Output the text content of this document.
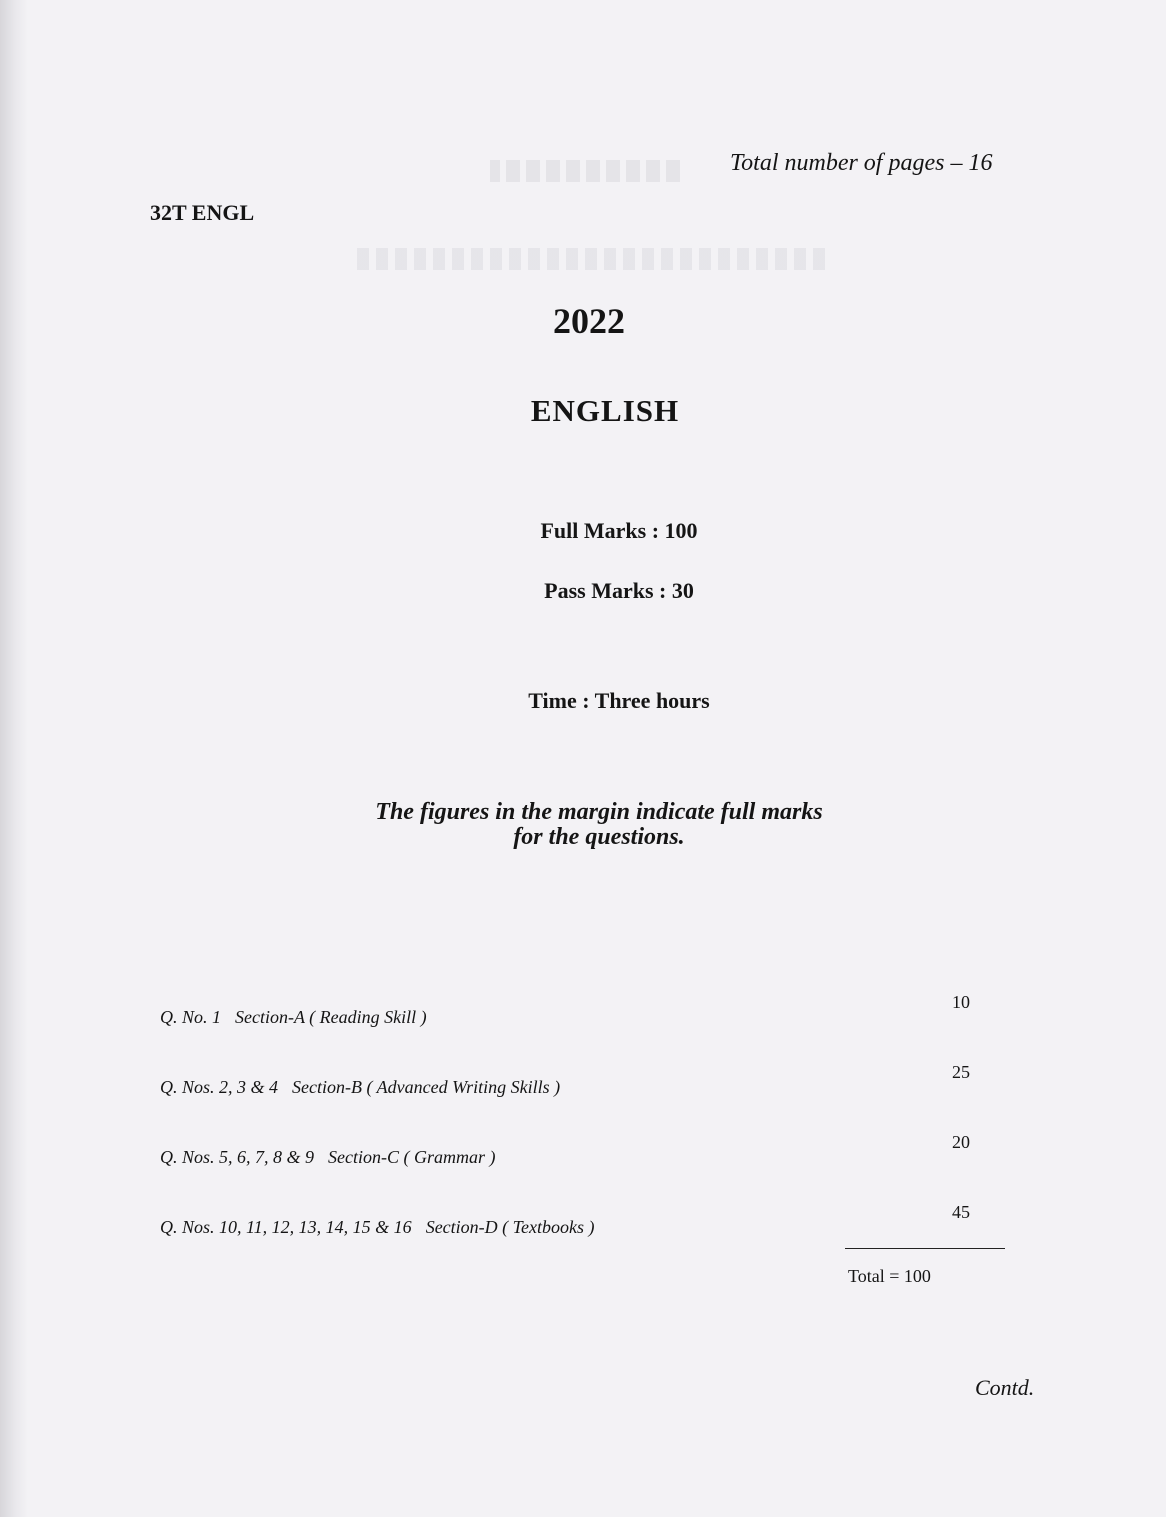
Total number of pages – 16

32T ENGL

2022

ENGLISH

Full Marks : 100

Pass Marks : 30

Time : Three hours

The figures in the margin indicate full marks
for the questions.

Q. No. 1 Section-A ( Reading Skill )
10
Q. Nos. 2, 3 & 4 Section-B ( Advanced Writing Skills )
25
Q. Nos. 5, 6, 7, 8 & 9 Section-C ( Grammar )
20
Q. Nos. 10, 11, 12, 13, 14, 15 & 16 Section-D ( Textbooks )
45

Total = 100

Contd.
